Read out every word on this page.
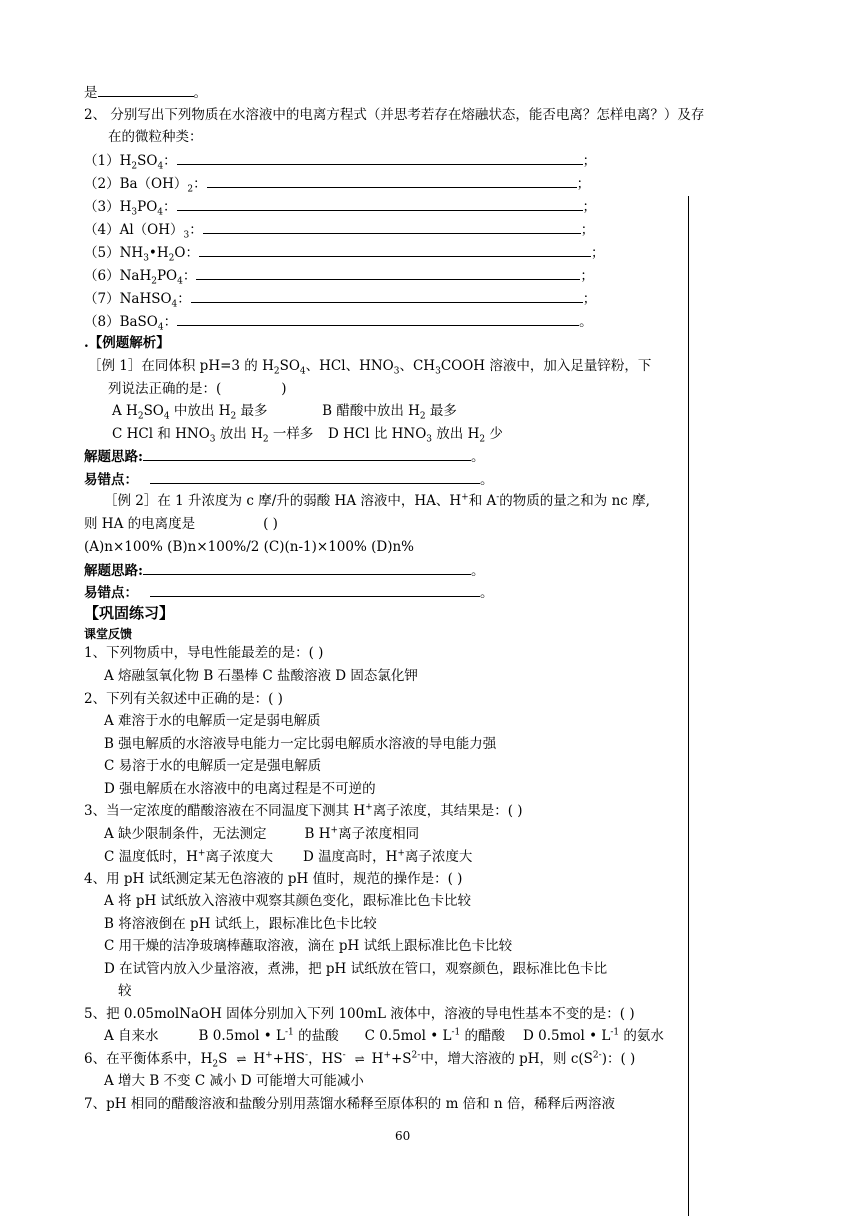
是	。
2、 分别写出下列物质在水溶液中的电离方程式（并思考若存在熔融状态，能否电离？怎样电离？）及存
在的微粒种类：
$(1)H_2SO_4$：	；
$(2)Ba(OH)_2$：	；
$(3)H_3PO_4$：	；
$(4)Al(OH)_3$：	；
$(5)NH_3•H_2O$：	；
$(6)NaH_2PO_4$：	；
（7）NaHSO$_4$：	；
（8）BaSO$_4$：	。
.【例题解析】
［例 1］在同体积 pH=3 的 $H_2SO_4$、HCl、$HNO_3$、$CH_3COOH$ 溶液中，加入足量锌粉，下
列说法正确的是：(	)
A $H_2SO_4$ 中放出 $H_2$ 最多	B 醋酸中放出 $H_2$ 最多
C HCl 和 $HNO_3$ 放出 $H_2$ 一样多 D HCl 比 $HNO_3$ 放出 $H_2$ 少
解题思路:	。
易错点：	。
［例 2］在 1 升浓度为 c 摩/升的弱酸 HA 溶液中，HA、H+和 A-的物质的量之和为 nc 摩,
则 HA 的电离度是	( )
(A)n×100% (B)n×100%/2 (C)(n-1)×100% (D)n%
解题思路:	。
易错点：	。
【巩固练习】
课堂反馈
1、下列物质中，导电性能最差的是：( )
A 熔融氢氧化物 B 石墨棒 C 盐酸溶液 D 固态氯化钾
2、下列有关叙述中正确的是：( )
A 难溶于水的电解质一定是弱电解质
B 强电解质的水溶液导电能力一定比弱电解质水溶液的导电能力强
C 易溶于水的电解质一定是强电解质
D 强电解质在水溶液中的电离过程是不可逆的
3、当一定浓度的醋酸溶液在不同温度下测其 H+离子浓度，其结果是：( )
A 缺少限制条件，无法测定	B H+离子浓度相同
C 温度低时，H+离子浓度大 D 温度高时，H+离子浓度大
4、用 pH 试纸测定某无色溶液的 pH 值时，规范的操作是：( )
A 将 pH 试纸放入溶液中观察其颜色变化，跟标准比色卡比较
B 将溶液倒在 pH 试纸上，跟标准比色卡比较
C 用干燥的洁净玻璃棒蘸取溶液，滴在 pH 试纸上跟标准比色卡比较
D 在试管内放入少量溶液，煮沸，把 pH 试纸放在管口，观察颜色，跟标准比色卡比
较
5、把 0.05molNaOH 固体分别加入下列 100mL 液体中，溶液的导电性基本不变的是：( )
A 自来水	B 0.5mol • $L^{-1}$ 的盐酸 C 0.5mol • $L^{-1}$ 的醋酸 D 0.5mol • $L^{-1}$ 的氨水
6、在平衡体系中，$H_2S$ ⇌ H++HS-，HS- ⇌ $H^++S^{2-}$中，增大溶液的 pH，则 $c(S^{2-})$：( )
A 增大 B 不变 C 减小 D 可能增大可能减小
7、pH 相同的醋酸溶液和盐酸分别用蒸馏水稀释至原体积的 m 倍和 n 倍，稀释后两溶液
60
